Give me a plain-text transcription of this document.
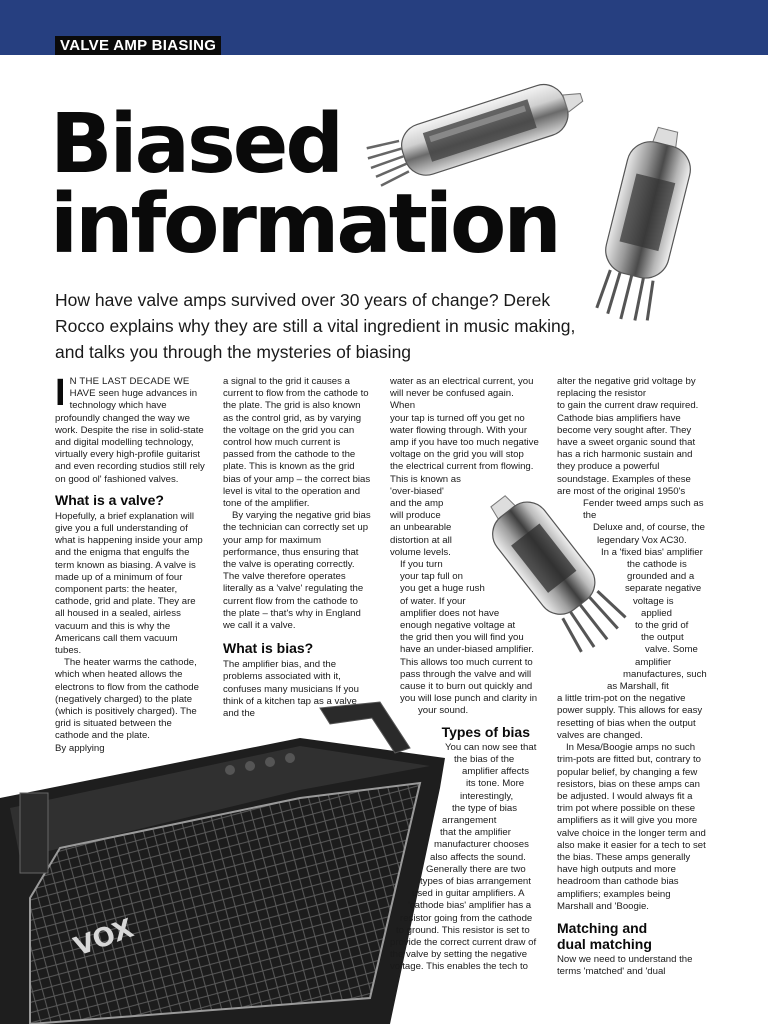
VALVE AMP BIASING
Biased
information
How have valve amps survived over 30 years of change? Derek Rocco explains why they are still a vital ingredient in music making, and talks you through the mysteries of biasing
VOX

IN THE LAST DECADE WE HAVE seen huge advances in technology which have profoundly changed the way we work. Despite the rise in solid-state and digital modelling technology, virtually every high-profile guitarist and even recording studios still rely on good ol' fashioned valves.

What is a valve?

Hopefully, a brief explanation will give you a full understanding of what is happening inside your amp and the enigma that engulfs the term known as biasing. A valve is made up of a minimum of four component parts: the heater, cathode, grid and plate. They are all housed in a sealed, airless vacuum and this is why the Americans call them vacuum tubes.

The heater warms the cathode, which when heated allows the electrons to flow from the cathode (negatively charged) to the plate (which is positively charged). The grid is situated between the cathode and the plate.

By applying

a signal to the grid it causes a current to flow from the cathode to the plate. The grid is also known as the control grid, as by varying the voltage on the grid you can control how much current is passed from the cathode to the plate. This is known as the grid bias of your amp – the correct bias level is vital to the operation and tone of the amplifier.

By varying the negative grid bias the technician can correctly set up your amp for maximum performance, thus ensuring that the valve is operating correctly. The valve therefore operates literally as a 'valve' regulating the current flow from the cathode to the plate – that's why in England we call it a valve.

What is bias?

The amplifier bias, and the problems associated with it, confuses many musicians If you think of a kitchen tap as a valve and the

water as an electrical current, you
will never be confused again. When
your tap is turned off you get no
water flowing through. With your
amp if you have too much negative
voltage on the grid you will stop
the electrical current from flowing.
This is known as
'over-biased'
and the amp
will produce
an unbearable
distortion at all
volume levels.
If you turn
your tap full on
you get a huge rush
of water. If your
amplifier does not have
enough negative voltage at
the grid then you will find you
have an under-biased amplifier.
This allows too much current to
pass through the valve and will
cause it to burn out quickly and
you will lose punch and clarity in
your sound.
Types of bias
You can now see that
the bias of the
amplifier affects
its tone. More
interestingly,
the type of bias
arrangement
that the amplifier
manufacturer chooses
also affects the sound.
Generally there are two
types of bias arrangement
used in guitar amplifiers. A
'cathode bias' amplifier has a
resistor going from the cathode
to ground. This resistor is set to
provide the correct current draw of
the valve by setting the negative
voltage. This enables the tech to
alter the negative grid voltage by
replacing the resistor
to gain the current draw required.
Cathode bias amplifiers have
become very sought after. They
have a sweet organic sound that
has a rich harmonic sustain and
they produce a powerful
soundstage. Examples of these
are most of the original 1950's
Fender tweed amps such as the
Deluxe and, of course, the
legendary Vox AC30.
In a 'fixed bias' amplifier
the cathode is
grounded and a
separate negative
voltage is
applied
to the grid of
the output
valve. Some
amplifier
manufactures, such
as Marshall, fit
a little trim-pot on the negative
power supply. This allows for easy
resetting of bias when the output
valves are changed.

In Mesa/Boogie amps no such trim-pots are fitted but, contrary to popular belief, by changing a few resistors, bias on these amps can be adjusted. I would always fit a trim pot where possible on these amplifiers as it will give you more valve choice in the longer term and also make it easier for a tech to set the bias. These amps generally have high outputs and more headroom than cathode bias amplifiers; examples being Marshall and 'Boogie.

Matching and
dual matching

Now we need to understand the terms 'matched' and 'dual
